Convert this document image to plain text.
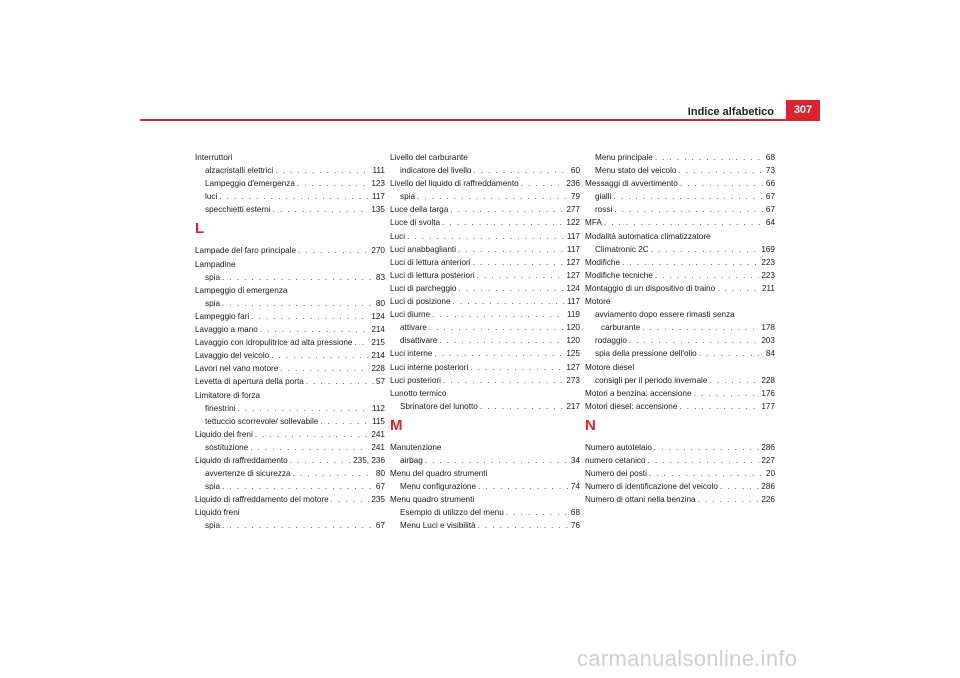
Indice alfabetico	307
Interruttori
alzacristalli elettrici . . .	111
Lampeggio d'emergenza . . .	123
luci . . .	117
specchietti esterni . . .	135
L
Lampade del faro principale . . .	270
Lampadine
spia . . .	83
Lampeggio di emergenza
spia . . .	80
Lampeggio fari . . .	124
Lavaggio a mano . . .	214
Lavaggio con idropulitrice ad alta pressione . . . 215
Lavaggio del veicolo . . .	214
Lavori nel vano motore . . .	228
Levetta di apertura della porta . . .	57
Limitatore di forza
finestrini . . .	112
tettuccio scorrevole/ sollevabile . . .	115
Liquido dei freni . . .	241
sostituzione . . .	241
Liquido di raffreddamento . . .	235, 236
avvertenze di sicurezza . . .	80
spia . . .	67
Liquido di raffreddamento del motore . . .	235
Liquido freni
spia . . .	67
Livello del carburante
indicatore del livello . . .	60
Livello del liquido di raffreddamento . . .	236
spia . . .	79
Luce della targa . . .	277
Luce di svolta . . .	122
Luci . . .	117
Luci anabbaglianti . . .	117
Luci di lettura anteriori . . .	127
Luci di lettura posteriori . . .	127
Luci di parcheggio . . .	124
Luci di posizione . . .	117
Luci diurne . . .	119
attivare . . .	120
disattivare . . .	120
Luci interne . . .	125
Luci interne posteriori . . .	127
Luci posteriori . . .	273
Lunotto termico
Sbrinatore del lunotto . . .	217
M
Manutenzione
airbag . . .	34
Menu del quadro strumenti
Menu configurazione . . .	74
Menu quadro strumenti
Esempio di utilizzo del menu . . .	68
Menu Luci e visibilità . . .	76
Menu principale . . .	68
Menu stato del veicolo . . .	73
Messaggi di avvertimento . . .	66
gialli . . .	67
rossi . . .	67
MFA . . .	64
Modalità automatica climatizzatore
Climatronic 2C . . .	169
Modifiche . . .	223
Modifiche tecniche . . .	223
Montaggio di un dispositivo di traino . . .	211
Motore
avviamento dopo essere rimasti senza
carburante . . .	178
rodaggio . . .	203
spia della pressione dell'olio . . .	84
Motore diesel
consigli per il periodo invernale . . .	228
Motori a benzina: accensione . . .	176
Motori diesel: accensione . . .	177
N
Numero autotelaio . . .	286
numero cetanico . . .	227
Numero dei posti . . .	20
Numero di identificazione del veicolo . . .	286
Numero di ottani nella benzina . . .	226
carmanualsonline.info
